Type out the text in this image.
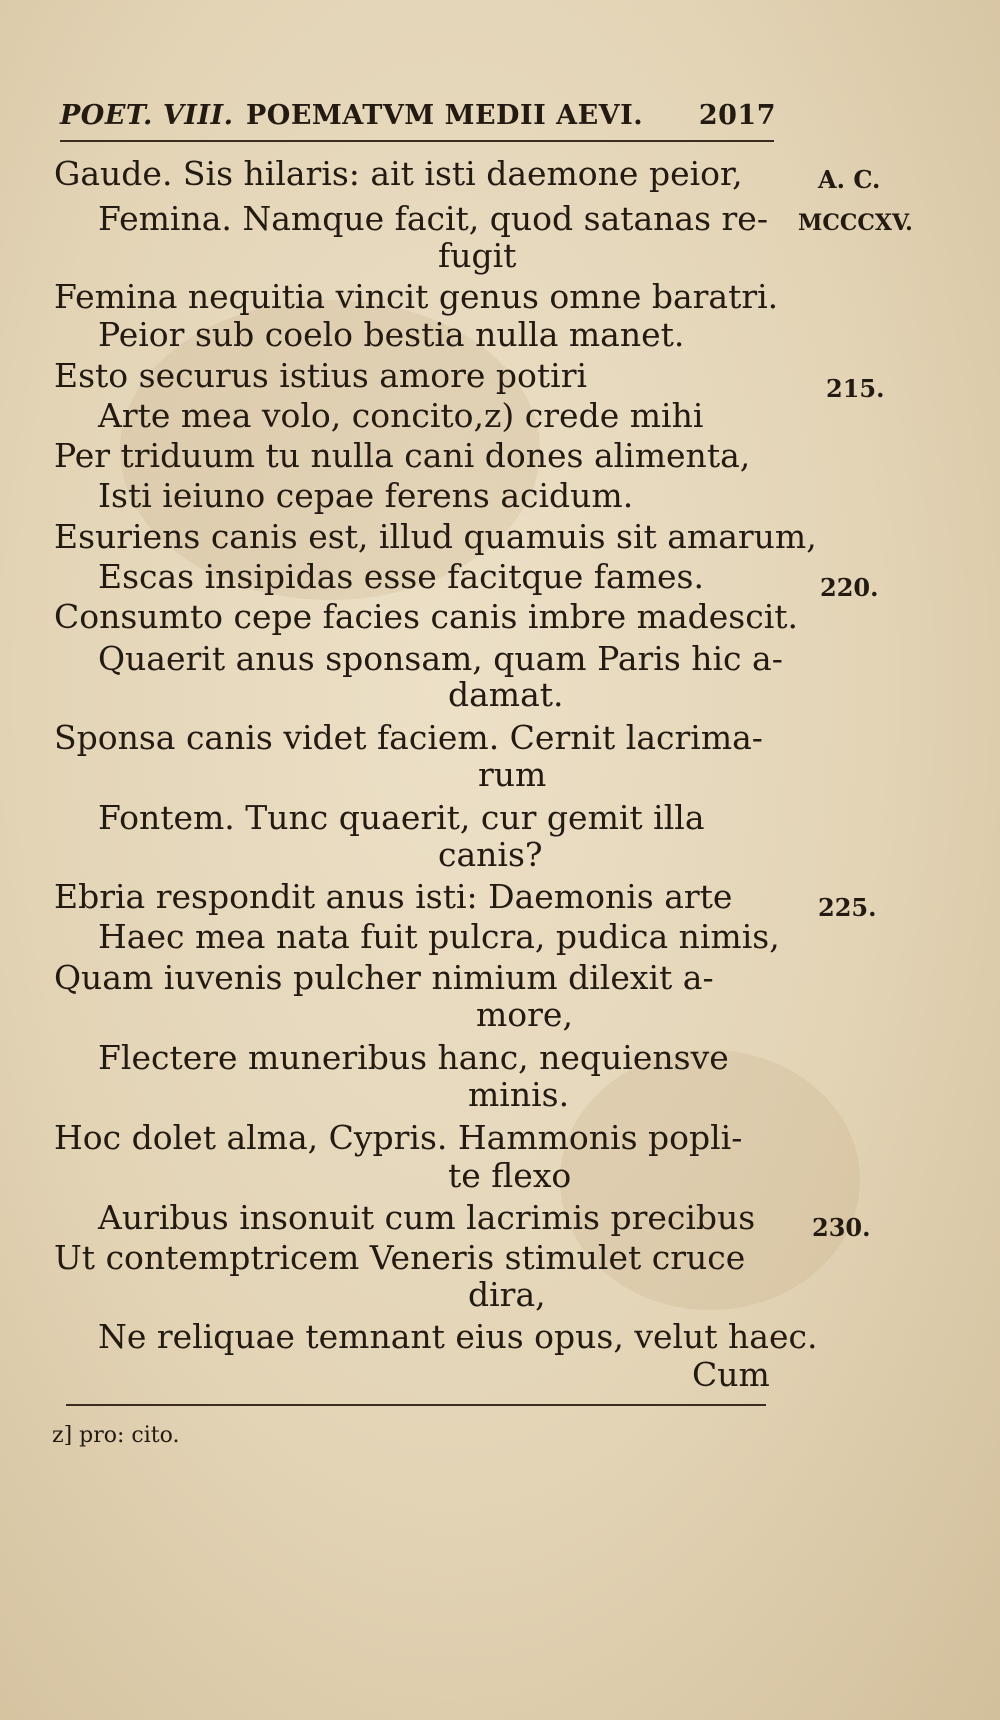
POET. VIII. POEMATVM MEDII AEVI. 2017
Gaude. Sis hilaris: ait isti daemone peior,
Femina. Namque facit, quod satanas re-
fugit
Femina nequitia vincit genus omne baratri.
Peior sub coelo bestia nulla manet.
Esto securus istius amore potiri
Arte mea volo, concito,z) crede mihi
Per triduum tu nulla cani dones alimenta,
Isti ieiuno cepae ferens acidum.
Esuriens canis est, illud quamuis sit amarum,
Escas insipidas esse facitque fames.
Consumto cepe facies canis imbre madescit.
Quaerit anus sponsam, quam Paris hic a-
damat.
Sponsa canis videt faciem. Cernit lacrima-
rum
Fontem. Tunc quaerit, cur gemit illa
canis?
Ebria respondit anus isti: Daemonis arte
Haec mea nata fuit pulcra, pudica nimis,
Quam iuvenis pulcher nimium dilexit a-
more,
Flectere muneribus hanc, nequiensve
minis.
Hoc dolet alma, Cypris. Hammonis popli-
te flexo
Auribus insonuit cum lacrimis precibus
Ut contemptricem Veneris stimulet cruce
dira,
Ne reliquae temnant eius opus, velut haec.
Cum
A. C.
MCCCXV.
215.
220.
225.
230.
z] pro: cito.
